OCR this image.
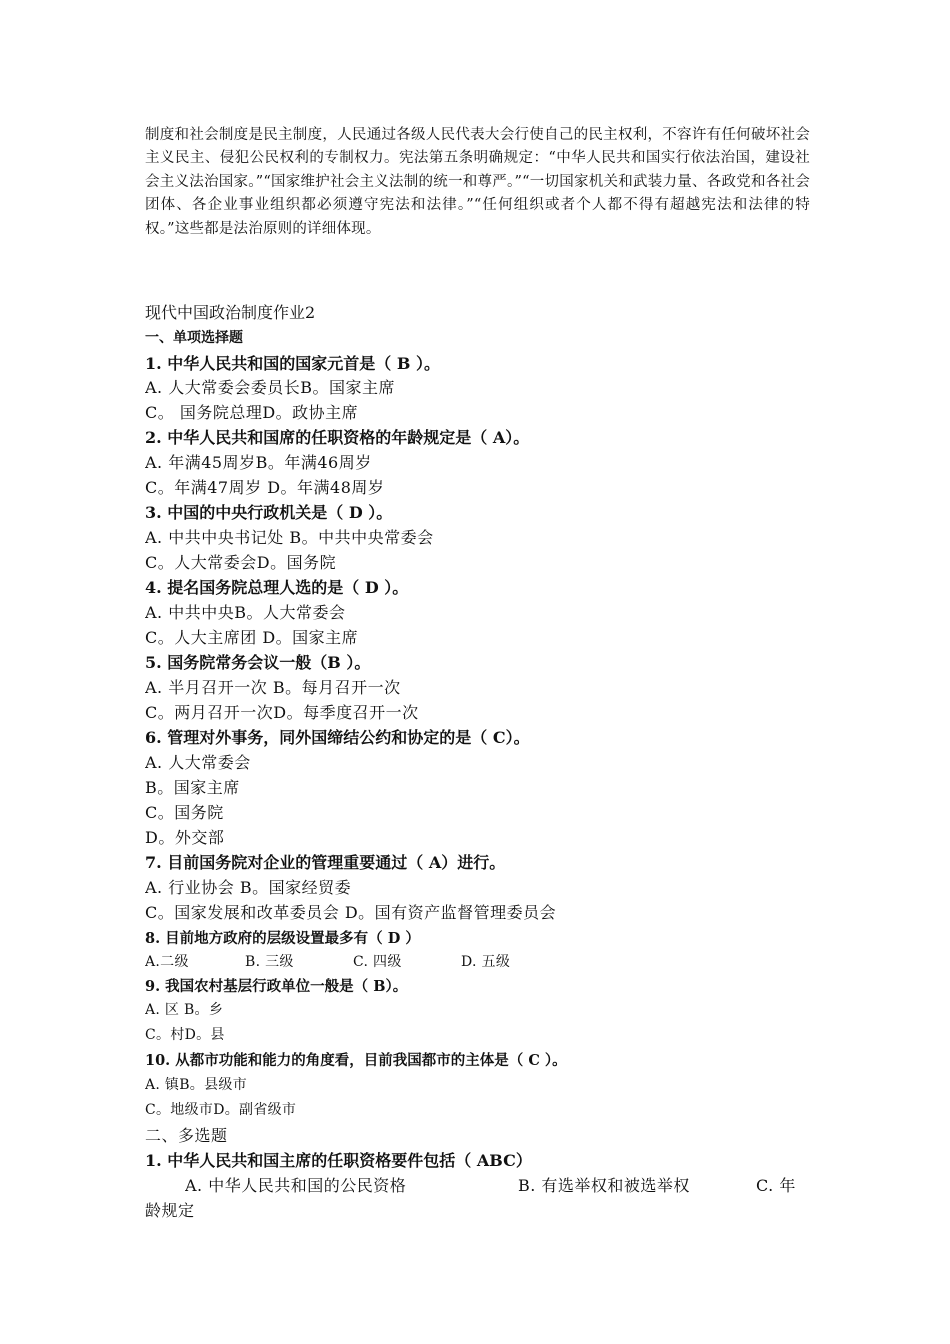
制度和社会制度是民主制度，人民通过各级人民代表大会行使自己的民主权利，不容许有任何破坏社会主义民主、侵犯公民权利的专制权力。宪法第五条明确规定：“中华人民共和国实行依法治国，建设社会主义法治国家。”“国家维护社会主义法制的统一和尊严。”“一切国家机关和武装力量、各政党和各社会团体、各企业事业组织都必须遵守宪法和法律。”“任何组织或者个人都不得有超越宪法和法律的特权。”这些都是法治原则的详细体现。
现代中国政治制度作业2
一、单项选择题
1. 中华人民共和国的国家元首是（ B ）。
A. 人大常委会委员长B。国家主席
C。 国务院总理D。政协主席
2. 中华人民共和国席的任职资格的年龄规定是（ A）。
A. 年满45周岁B。年满46周岁
C。年满47周岁 D。年满48周岁
3. 中国的中央行政机关是（ D ）。
A. 中共中央书记处 B。中共中央常委会
C。人大常委会D。国务院
4. 提名国务院总理人选的是（ D ）。
A. 中共中央B。人大常委会
C。人大主席团 D。国家主席
5. 国务院常务会议一般（B ）。
A. 半月召开一次 B。每月召开一次
C。两月召开一次D。每季度召开一次
6. 管理对外事务，同外国缔结公约和协定的是（ C）。
A. 人大常委会
B。国家主席
C。国务院
D。外交部
7. 目前国务院对企业的管理重要通过（ A）进行。
A. 行业协会 B。国家经贸委
C。国家发展和改革委员会 D。国有资产监督管理委员会
8. 目前地方政府的层级设置最多有（ D ）
A.二级	B. 三级	C. 四级	D. 五级
9. 我国农村基层行政单位一般是（ B）。
A. 区 B。乡
C。村D。县
10. 从都市功能和能力的角度看，目前我国都市的主体是（ C ）。
A. 镇B。县级市
C。地级市D。副省级市
二、多选题
1. 中华人民共和国主席的任职资格要件包括（ ABC）
A. 中华人民共和国的公民资格	B. 有选举权和被选举权	C. 年
龄规定
